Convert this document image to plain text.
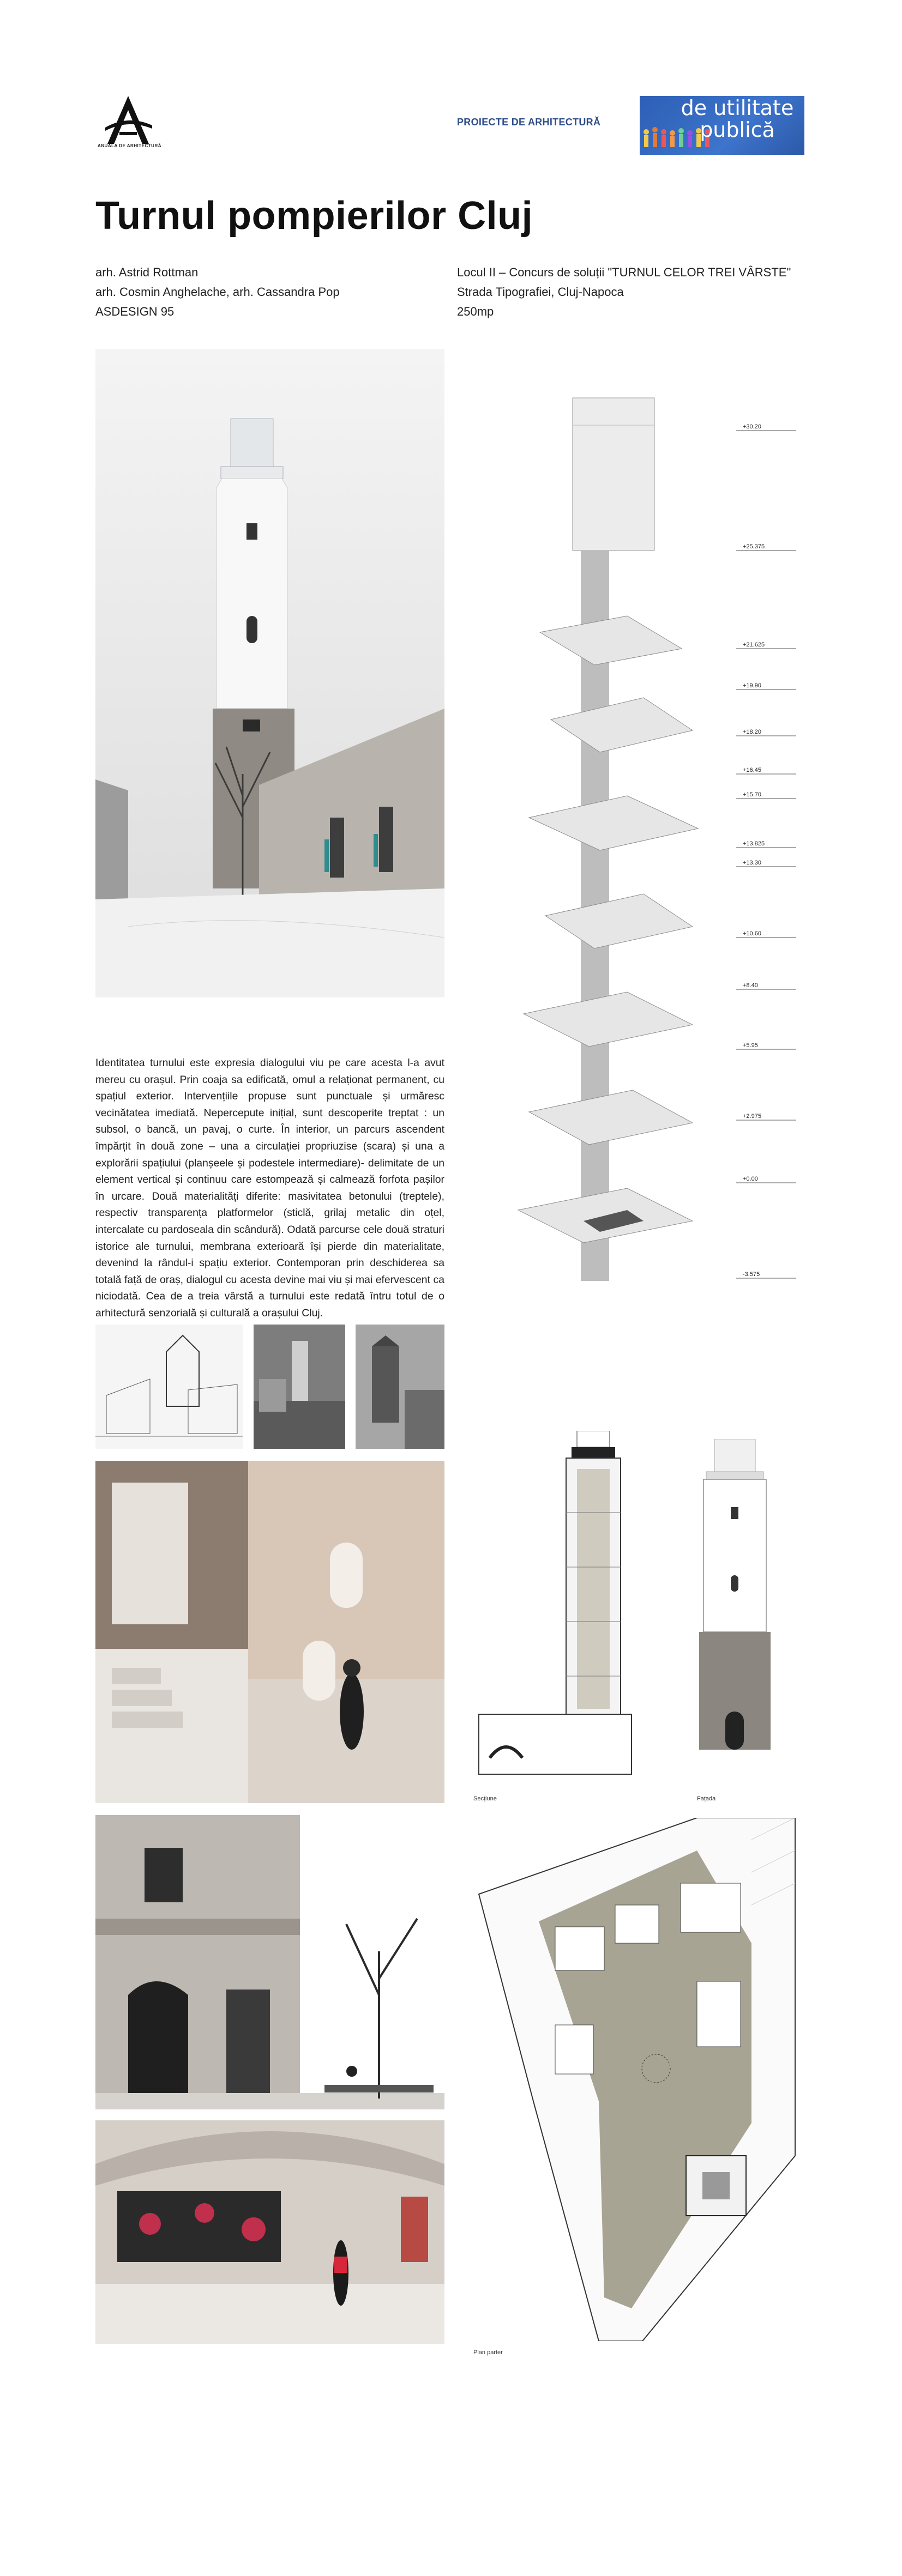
ANUALA DE ARHITECTURĂ
PROIECTE DE ARHITECTURĂ
de utilitate
publică
Turnul pompierilor Cluj
arh. Astrid Rottman
arh. Cosmin Anghelache, arh. Cassandra Pop
ASDESIGN 95
Locul II – Concurs de soluții "TURNUL CELOR TREI VÂRSTE"
Strada Tipografiei, Cluj-Napoca
250mp
Identitatea turnului este expresia dialogului viu pe care acesta l-a avut mereu cu orașul. Prin coaja sa edificată, omul a relaționat permanent, cu spațiul exterior. Intervențiile propuse sunt punctuale și urmăresc vecinătatea imediată. Nepercepute inițial, sunt descoperite treptat : un subsol, o bancă, un pavaj, o curte. În interior, un parcurs ascendent împărțit în două zone – una a circulației propriuzise (scara) și una a explorării spațiului (planșeele și podestele intermediare)- delimitate de un element vertical și continuu care estompează și calmează forfota pașilor în urcare. Două materialități diferite: masivitatea betonului (treptele), respectiv transparența platformelor (sticlă, grilaj metalic din oțel, intercalate cu pardoseala din scândură). Odată parcurse cele două straturi istorice ale turnului, membrana exterioară își pierde din materialitate, devenind la rândul-i spațiu exterior. Contemporan prin deschiderea sa totală față de oraș, dialogul cu acesta devine mai viu și mai efervescent ca niciodată. Cea de a treia vârstă a turnului este redată întru totul de o arhitectură senzorială și culturală a orașului Cluj.
+30.20
+25.375
+21.625
+19.90
+18.20
+16.45
+15.70
+13.825
+13.30
+10.60
+8.40
+5.95
+2.975
+0.00
-3.575
Secțiune	Fațada
Plan parter
